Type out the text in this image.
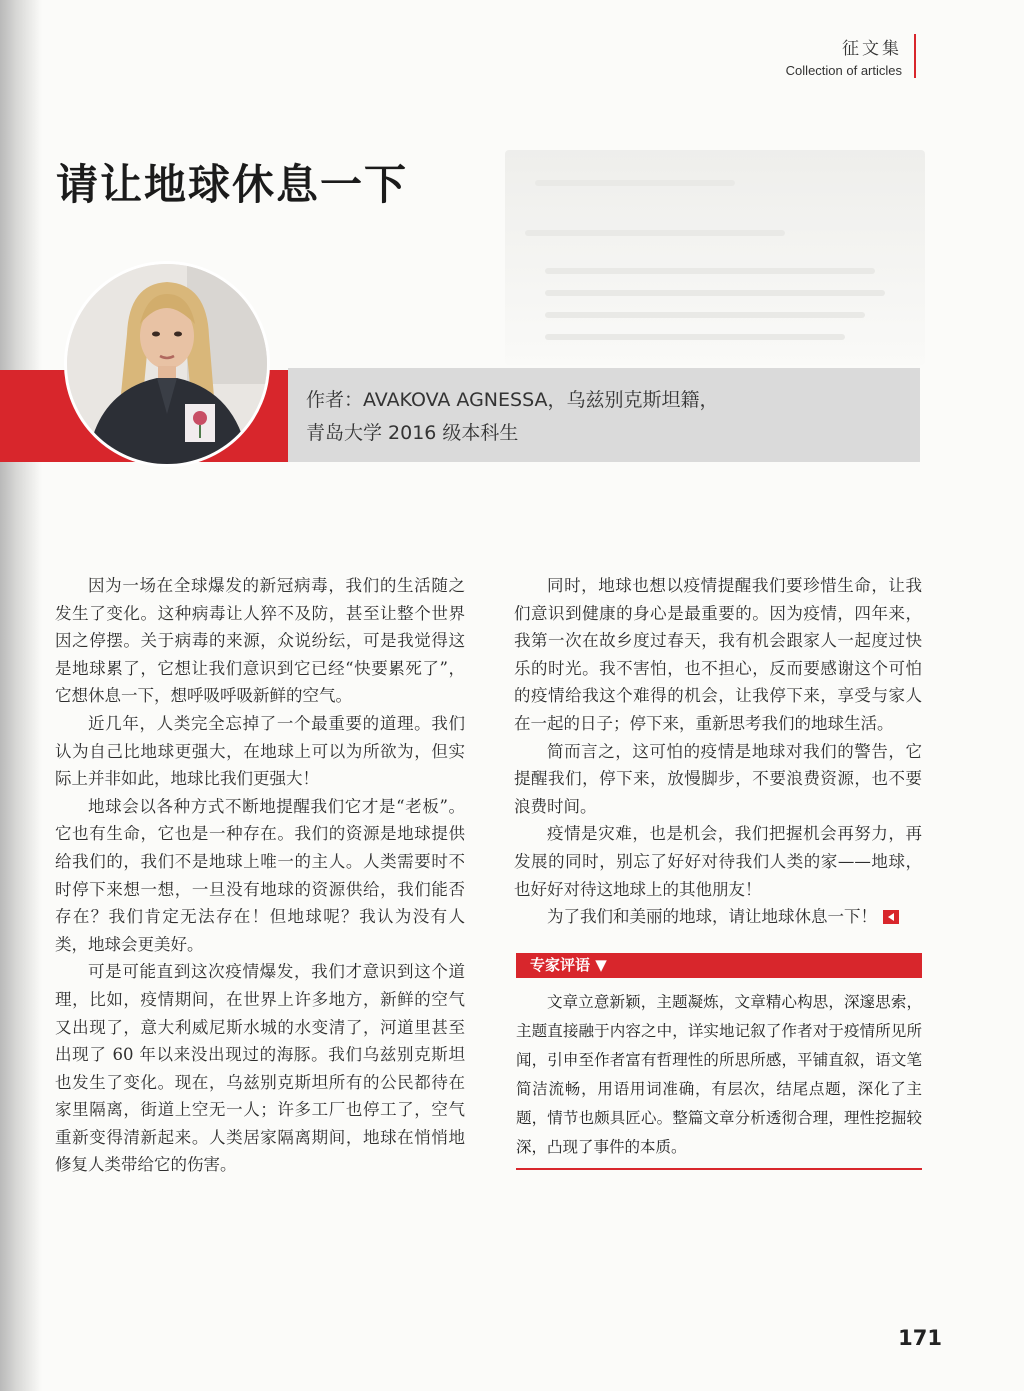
征文集
Collection of articles
请让地球休息一下
作者：AVAKOVA AGNESSA，乌兹别克斯坦籍，
青岛大学 2016 级本科生

因为一场在全球爆发的新冠病毒，我们的生活随之发生了变化。这种病毒让人猝不及防，甚至让整个世界因之停摆。关于病毒的来源，众说纷纭，可是我觉得这是地球累了，它想让我们意识到它已经“快要累死了”，它想休息一下，想呼吸呼吸新鲜的空气。

近几年，人类完全忘掉了一个最重要的道理。我们认为自己比地球更强大，在地球上可以为所欲为，但实际上并非如此，地球比我们更强大！

地球会以各种方式不断地提醒我们它才是“老板”。它也有生命，它也是一种存在。我们的资源是地球提供给我们的，我们不是地球上唯一的主人。人类需要时不时停下来想一想，一旦没有地球的资源供给，我们能否存在？我们肯定无法存在！但地球呢？我认为没有人类，地球会更美好。

可是可能直到这次疫情爆发，我们才意识到这个道理，比如，疫情期间，在世界上许多地方，新鲜的空气又出现了，意大利威尼斯水城的水变清了，河道里甚至出现了 60 年以来没出现过的海豚。我们乌兹别克斯坦也发生了变化。现在，乌兹别克斯坦所有的公民都待在家里隔离，街道上空无一人；许多工厂也停工了，空气重新变得清新起来。人类居家隔离期间，地球在悄悄地修复人类带给它的伤害。

同时，地球也想以疫情提醒我们要珍惜生命，让我们意识到健康的身心是最重要的。因为疫情，四年来，我第一次在故乡度过春天，我有机会跟家人一起度过快乐的时光。我不害怕，也不担心，反而要感谢这个可怕的疫情给我这个难得的机会，让我停下来，享受与家人在一起的日子；停下来，重新思考我们的地球生活。

简而言之，这可怕的疫情是地球对我们的警告，它提醒我们，停下来，放慢脚步，不要浪费资源，也不要浪费时间。

疫情是灾难，也是机会，我们把握机会再努力，再发展的同时，别忘了好好对待我们人类的家——地球，也好好对待这地球上的其他朋友！

为了我们和美丽的地球，请让地球休息一下！

专家评语 ▼
文章立意新颖，主题凝炼，文章精心构思，深邃思索，主题直接融于内容之中，详实地记叙了作者对于疫情所见所闻，引申至作者富有哲理性的所思所感，平铺直叙，语文笔简洁流畅，用语用词准确，有层次，结尾点题，深化了主题，情节也颇具匠心。整篇文章分析透彻合理，理性挖掘较深，凸现了事件的本质。
171
